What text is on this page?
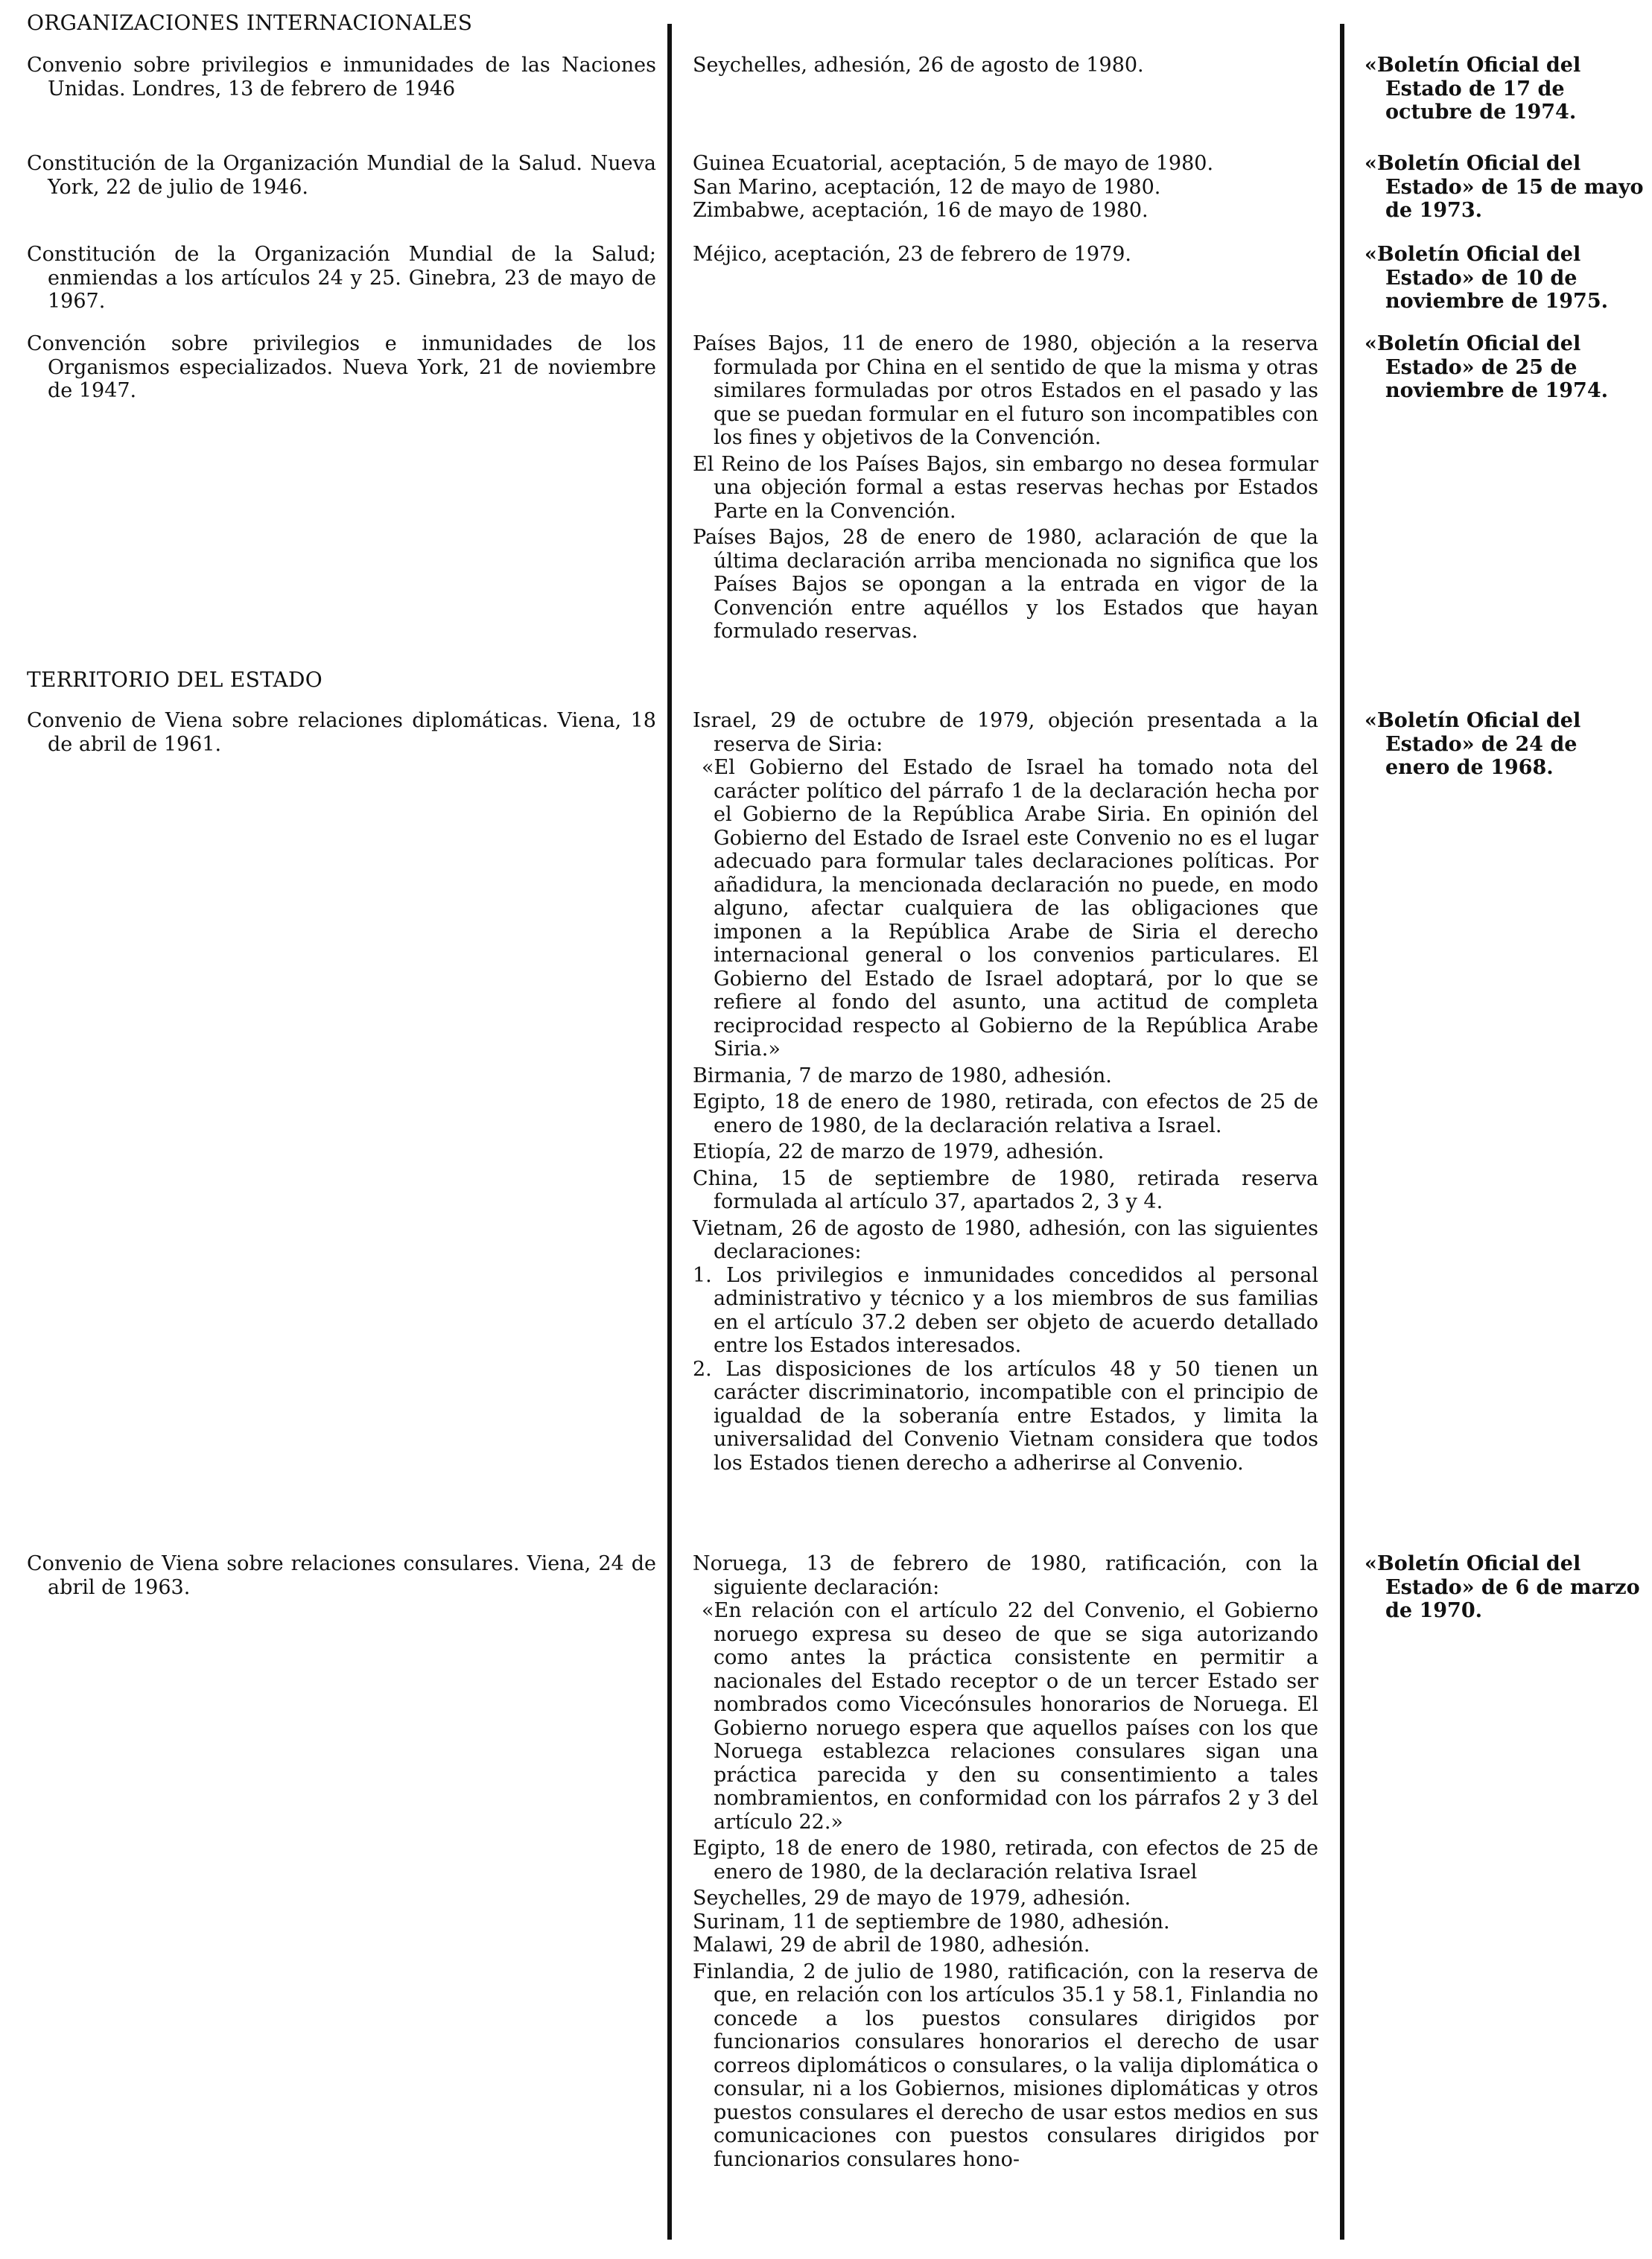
ORGANIZACIONES INTERNACIONALES

Convenio sobre privilegios e inmunidades de las Naciones Unidas. Londres, 13 de febrero de 1946

Seychelles, adhesión, 26 de agosto de 1980.	«Boletín Oficial del Estado de 17 de octubre de 1974.

Constitución de la Organización Mundial de la Salud. Nueva York, 22 de julio de 1946.

Guinea Ecuatorial, aceptación, 5 de mayo de 1980.

San Marino, aceptación, 12 de mayo de 1980.

Zimbabwe, aceptación, 16 de mayo de 1980.

«Boletín Oficial del Estado» de 15 de mayo de 1973.

Constitución de la Organización Mundial de la Salud; enmiendas a los artículos 24 y 25. Ginebra, 23 de mayo de 1967.

Méjico, aceptación, 23 de febrero de 1979.	«Boletín Oficial del Estado» de 10 de noviembre de 1975.

Convención sobre privilegios e inmunidades de los Organismos especializados. Nueva York, 21 de noviembre de 1947.

Países Bajos, 11 de enero de 1980, objeción a la reserva formulada por China en el sentido de que la misma y otras similares formuladas por otros Estados en el pasado y las que se puedan formular en el futuro son incompatibles con los fines y objetivos de la Convención.

El Reino de los Países Bajos, sin embargo no desea formular una objeción formal a estas reservas hechas por Estados Parte en la Convención.

Países Bajos, 28 de enero de 1980, aclaración de que la última declaración arriba mencionada no significa que los Países Bajos se opongan a la entrada en vigor de la Convención entre aquéllos y los Estados que hayan formulado reservas.

«Boletín Oficial del Estado» de 25 de noviembre de 1974.

TERRITORIO DEL ESTADO

Convenio de Viena sobre relaciones diplomáticas. Viena, 18 de abril de 1961.

Israel, 29 de octubre de 1979, objeción presentada a la reserva de Siria:

«El Gobierno del Estado de Israel ha tomado nota del carácter político del párrafo 1 de la declaración hecha por el Gobierno de la República Arabe Siria. En opinión del Gobierno del Estado de Israel este Convenio no es el lugar adecuado para formular tales declaraciones políticas. Por añadidura, la mencionada declaración no puede, en modo alguno, afectar cualquiera de las obligaciones que imponen a la República Arabe de Siria el derecho internacional general o los convenios particulares. El Gobierno del Estado de Israel adoptará, por lo que se refiere al fondo del asunto, una actitud de completa reciprocidad respecto al Gobierno de la República Arabe Siria.»

Birmania, 7 de marzo de 1980, adhesión.

Egipto, 18 de enero de 1980, retirada, con efectos de 25 de enero de 1980, de la declaración relativa a Israel.

Etiopía, 22 de marzo de 1979, adhesión.

China, 15 de septiembre de 1980, retirada reserva formulada al artículo 37, apartados 2, 3 y 4.

Vietnam, 26 de agosto de 1980, adhesión, con las siguientes declaraciones:

1. Los privilegios e inmunidades concedidos al personal administrativo y técnico y a los miembros de sus familias en el artículo 37.2 deben ser objeto de acuerdo detallado entre los Estados interesados.

2. Las disposiciones de los artículos 48 y 50 tienen un carácter discriminatorio, incompatible con el principio de igualdad de la soberanía entre Estados, y limita la universalidad del Convenio Vietnam considera que todos los Estados tienen derecho a adherirse al Convenio.

«Boletín Oficial del Estado» de 24 de enero de 1968.

Convenio de Viena sobre relaciones consulares. Viena, 24 de abril de 1963.

Noruega, 13 de febrero de 1980, ratificación, con la siguiente declaración:

«En relación con el artículo 22 del Convenio, el Gobierno noruego expresa su deseo de que se siga autorizando como antes la práctica consistente en permitir a nacionales del Estado receptor o de un tercer Estado ser nombrados como Vicecónsules honorarios de Noruega. El Gobierno noruego espera que aquellos países con los que Noruega establezca relaciones consulares sigan una práctica parecida y den su consentimiento a tales nombramientos, en conformidad con los párrafos 2 y 3 del artículo 22.»

Egipto, 18 de enero de 1980, retirada, con efectos de 25 de enero de 1980, de la declaración relativa Israel

Seychelles, 29 de mayo de 1979, adhesión.

Surinam, 11 de septiembre de 1980, adhesión.

Malawi, 29 de abril de 1980, adhesión.

Finlandia, 2 de julio de 1980, ratificación, con la reserva de que, en relación con los artículos 35.1 y 58.1, Finlandia no concede a los puestos consulares dirigidos por funcionarios consulares honorarios el derecho de usar correos diplomáticos o consulares, o la valija diplomática o consular, ni a los Gobiernos, misiones diplomáticas y otros puestos consulares el derecho de usar estos medios en sus comunicaciones con puestos consulares dirigidos por funcionarios consulares hono-

«Boletín Oficial del Estado» de 6 de marzo de 1970.
